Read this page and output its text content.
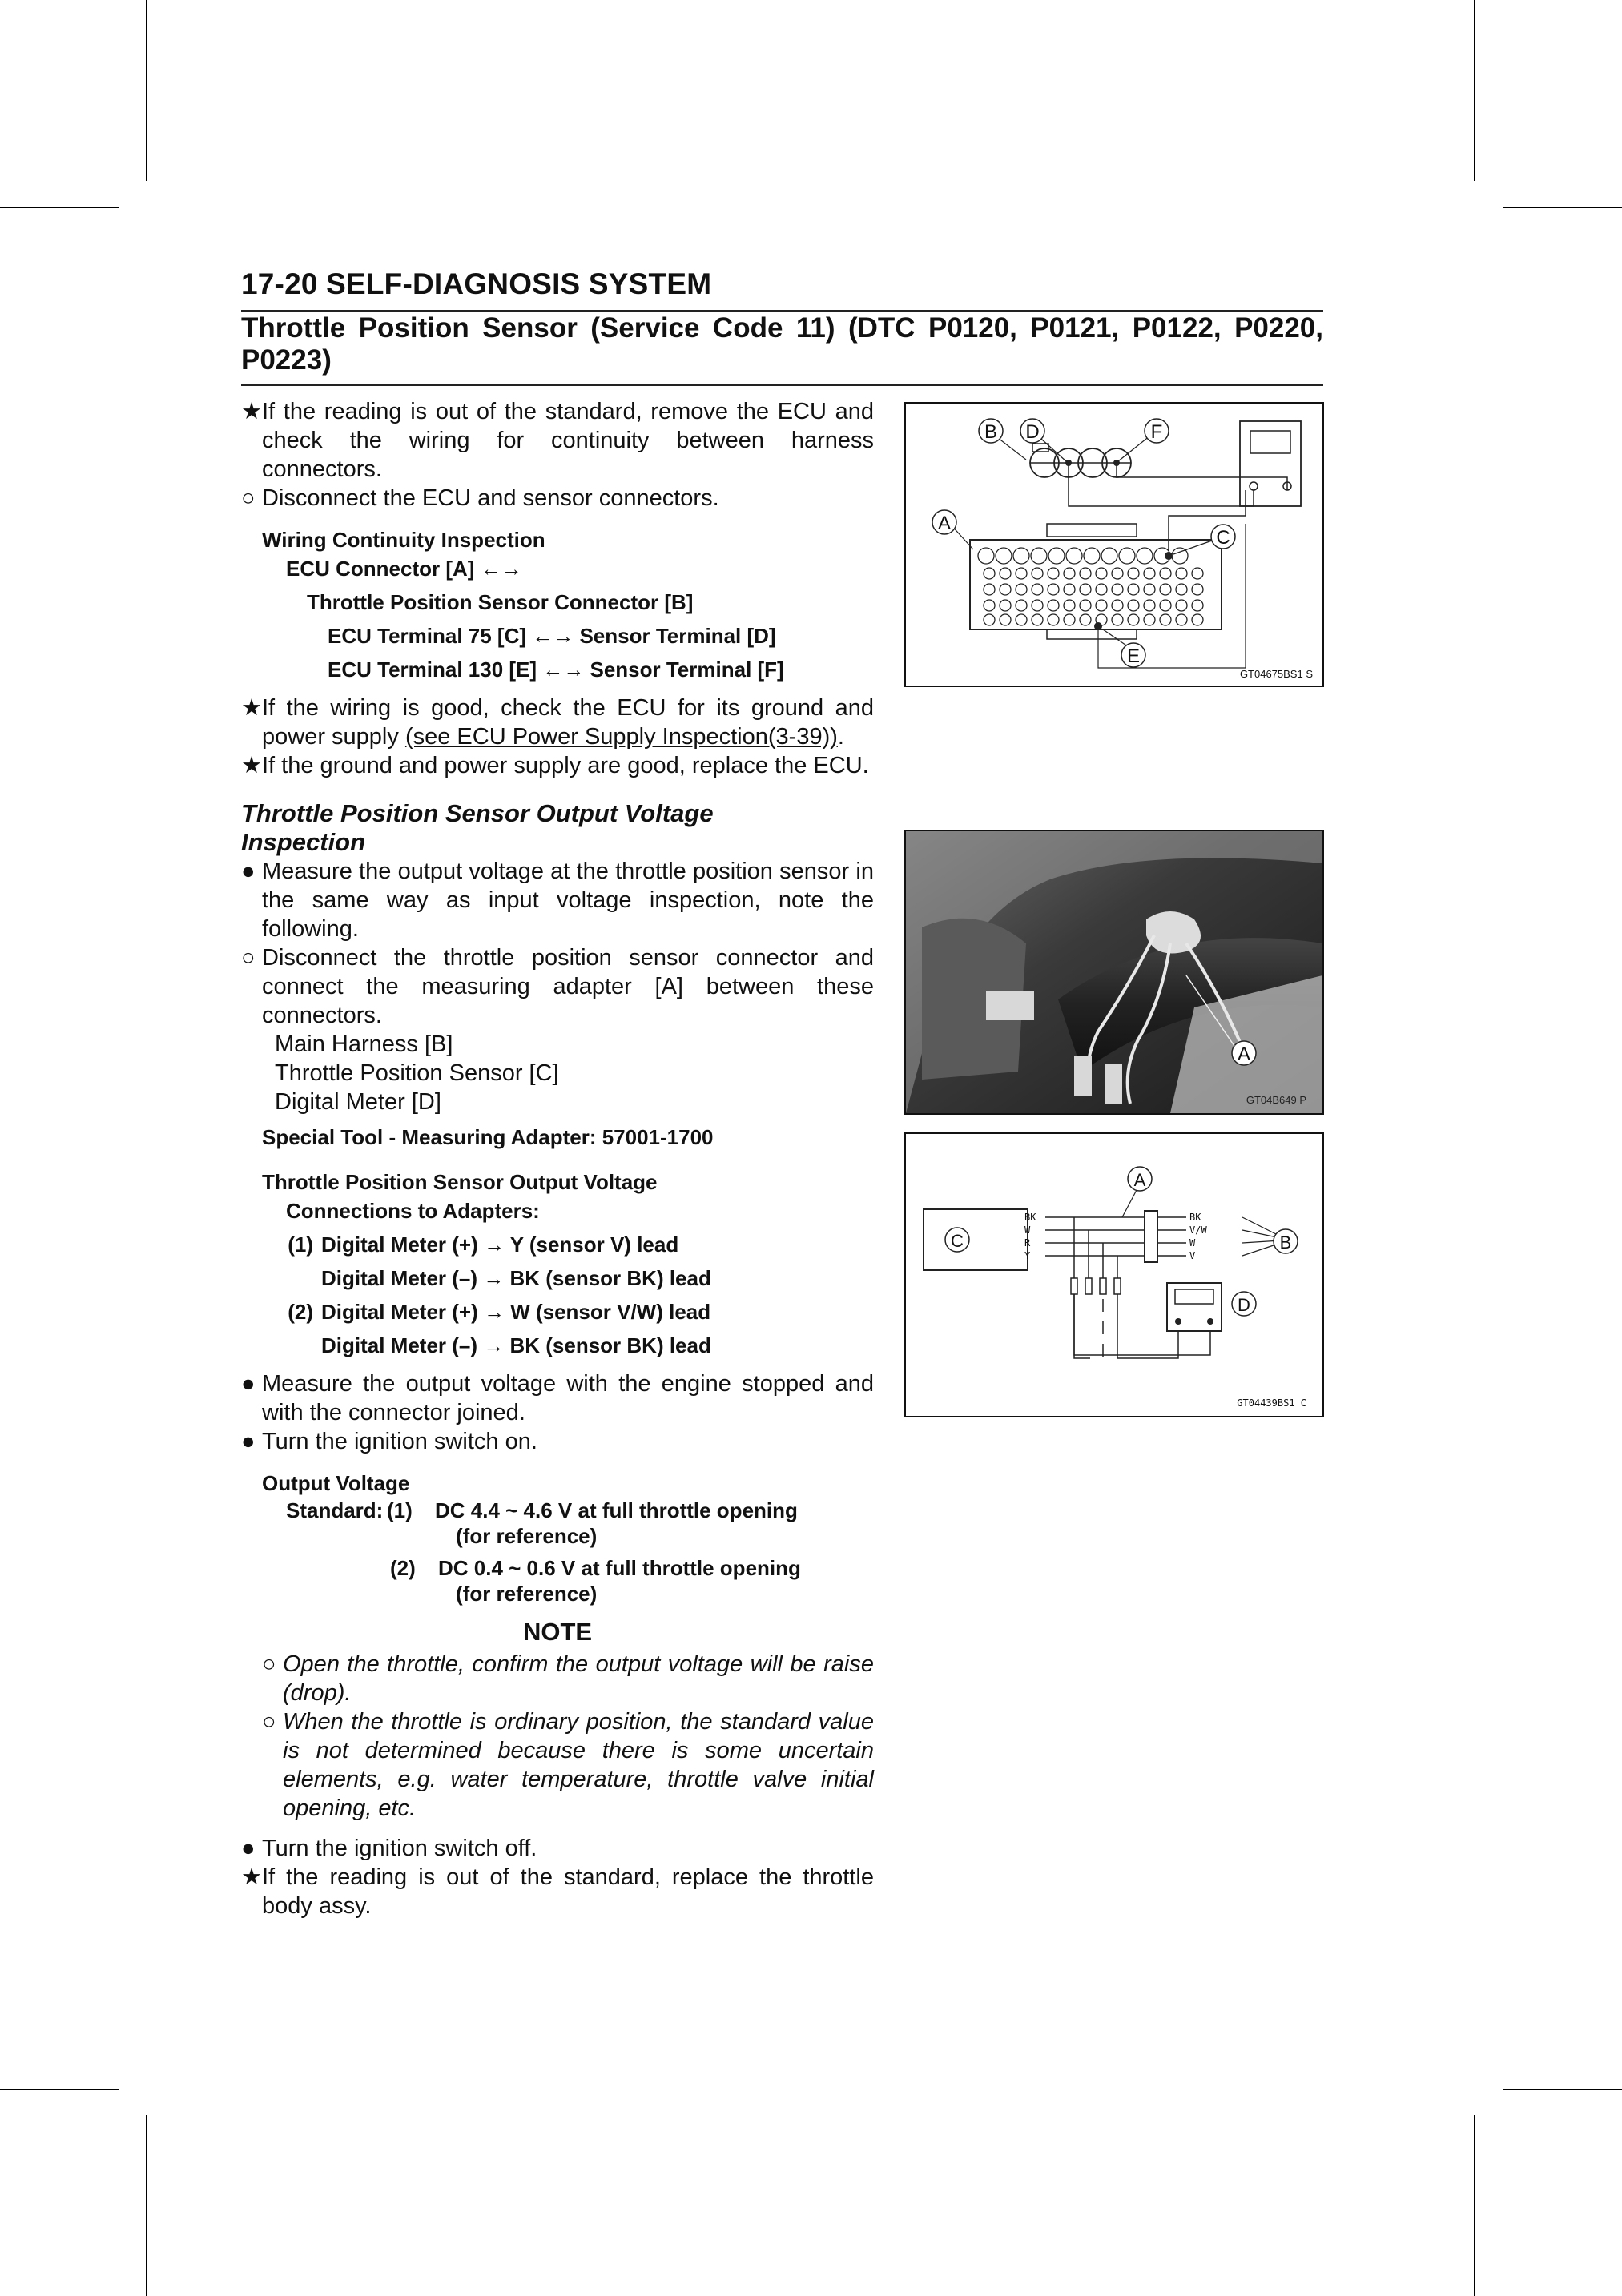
17-20 SELF-DIAGNOSIS SYSTEM
Throttle Position Sensor (Service Code 11) (DTC P0120, P0121, P0122, P0220, P0223)

★ If the reading is out of the standard, remove the ECU and check the wiring for continuity between harness connectors.

○ Disconnect the ECU and sensor connectors.

Wiring Continuity Inspection

ECU Connector [A] ←→

Throttle Position Sensor Connector [B]

ECU Terminal 75 [C] ←→ Sensor Terminal [D]

ECU Terminal 130 [E] ←→ Sensor Terminal [F]

★ If the wiring is good, check the ECU for its ground and power supply (see ECU Power Supply Inspection(3-39)).

★ If the ground and power supply are good, replace the ECU.

Throttle Position Sensor Output Voltage Inspection

● Measure the output voltage at the throttle position sensor in the same way as input voltage inspection, note the following.

○ Disconnect the throttle position sensor connector and connect the measuring adapter [A] between these connectors.

Main Harness [B]

Throttle Position Sensor [C]

Digital Meter [D]

Special Tool - Measuring Adapter: 57001-1700

Throttle Position Sensor Output Voltage

Connections to Adapters:

(1) Digital Meter (+) → Y (sensor V) lead
Digital Meter (–) → BK (sensor BK) lead
(2) Digital Meter (+) → W (sensor V/W) lead
Digital Meter (–) → BK (sensor BK) lead

● Measure the output voltage with the engine stopped and with the connector joined.

● Turn the ignition switch on.

Output Voltage

Standard: (1)	DC 4.4 ~ 4.6 V at full throttle opening

(for reference)

(2)	DC 0.4 ~ 0.6 V at full throttle opening

(for reference)

NOTE

○ Open the throttle, confirm the output voltage will be raise (drop).

○ When the throttle is ordinary position, the standard value is not determined because there is some uncertain elements, e.g. water temperature, throttle valve initial opening, etc.

● Turn the ignition switch off.

★ If the reading is out of the standard, replace the throttle body assy.

B D	F
A
C
E
GT04675BS1 S
A
GT04B649 P
C
BK
W
R
Y
A
BK
V/W
W
V
B
D
GT04439BS1 C
